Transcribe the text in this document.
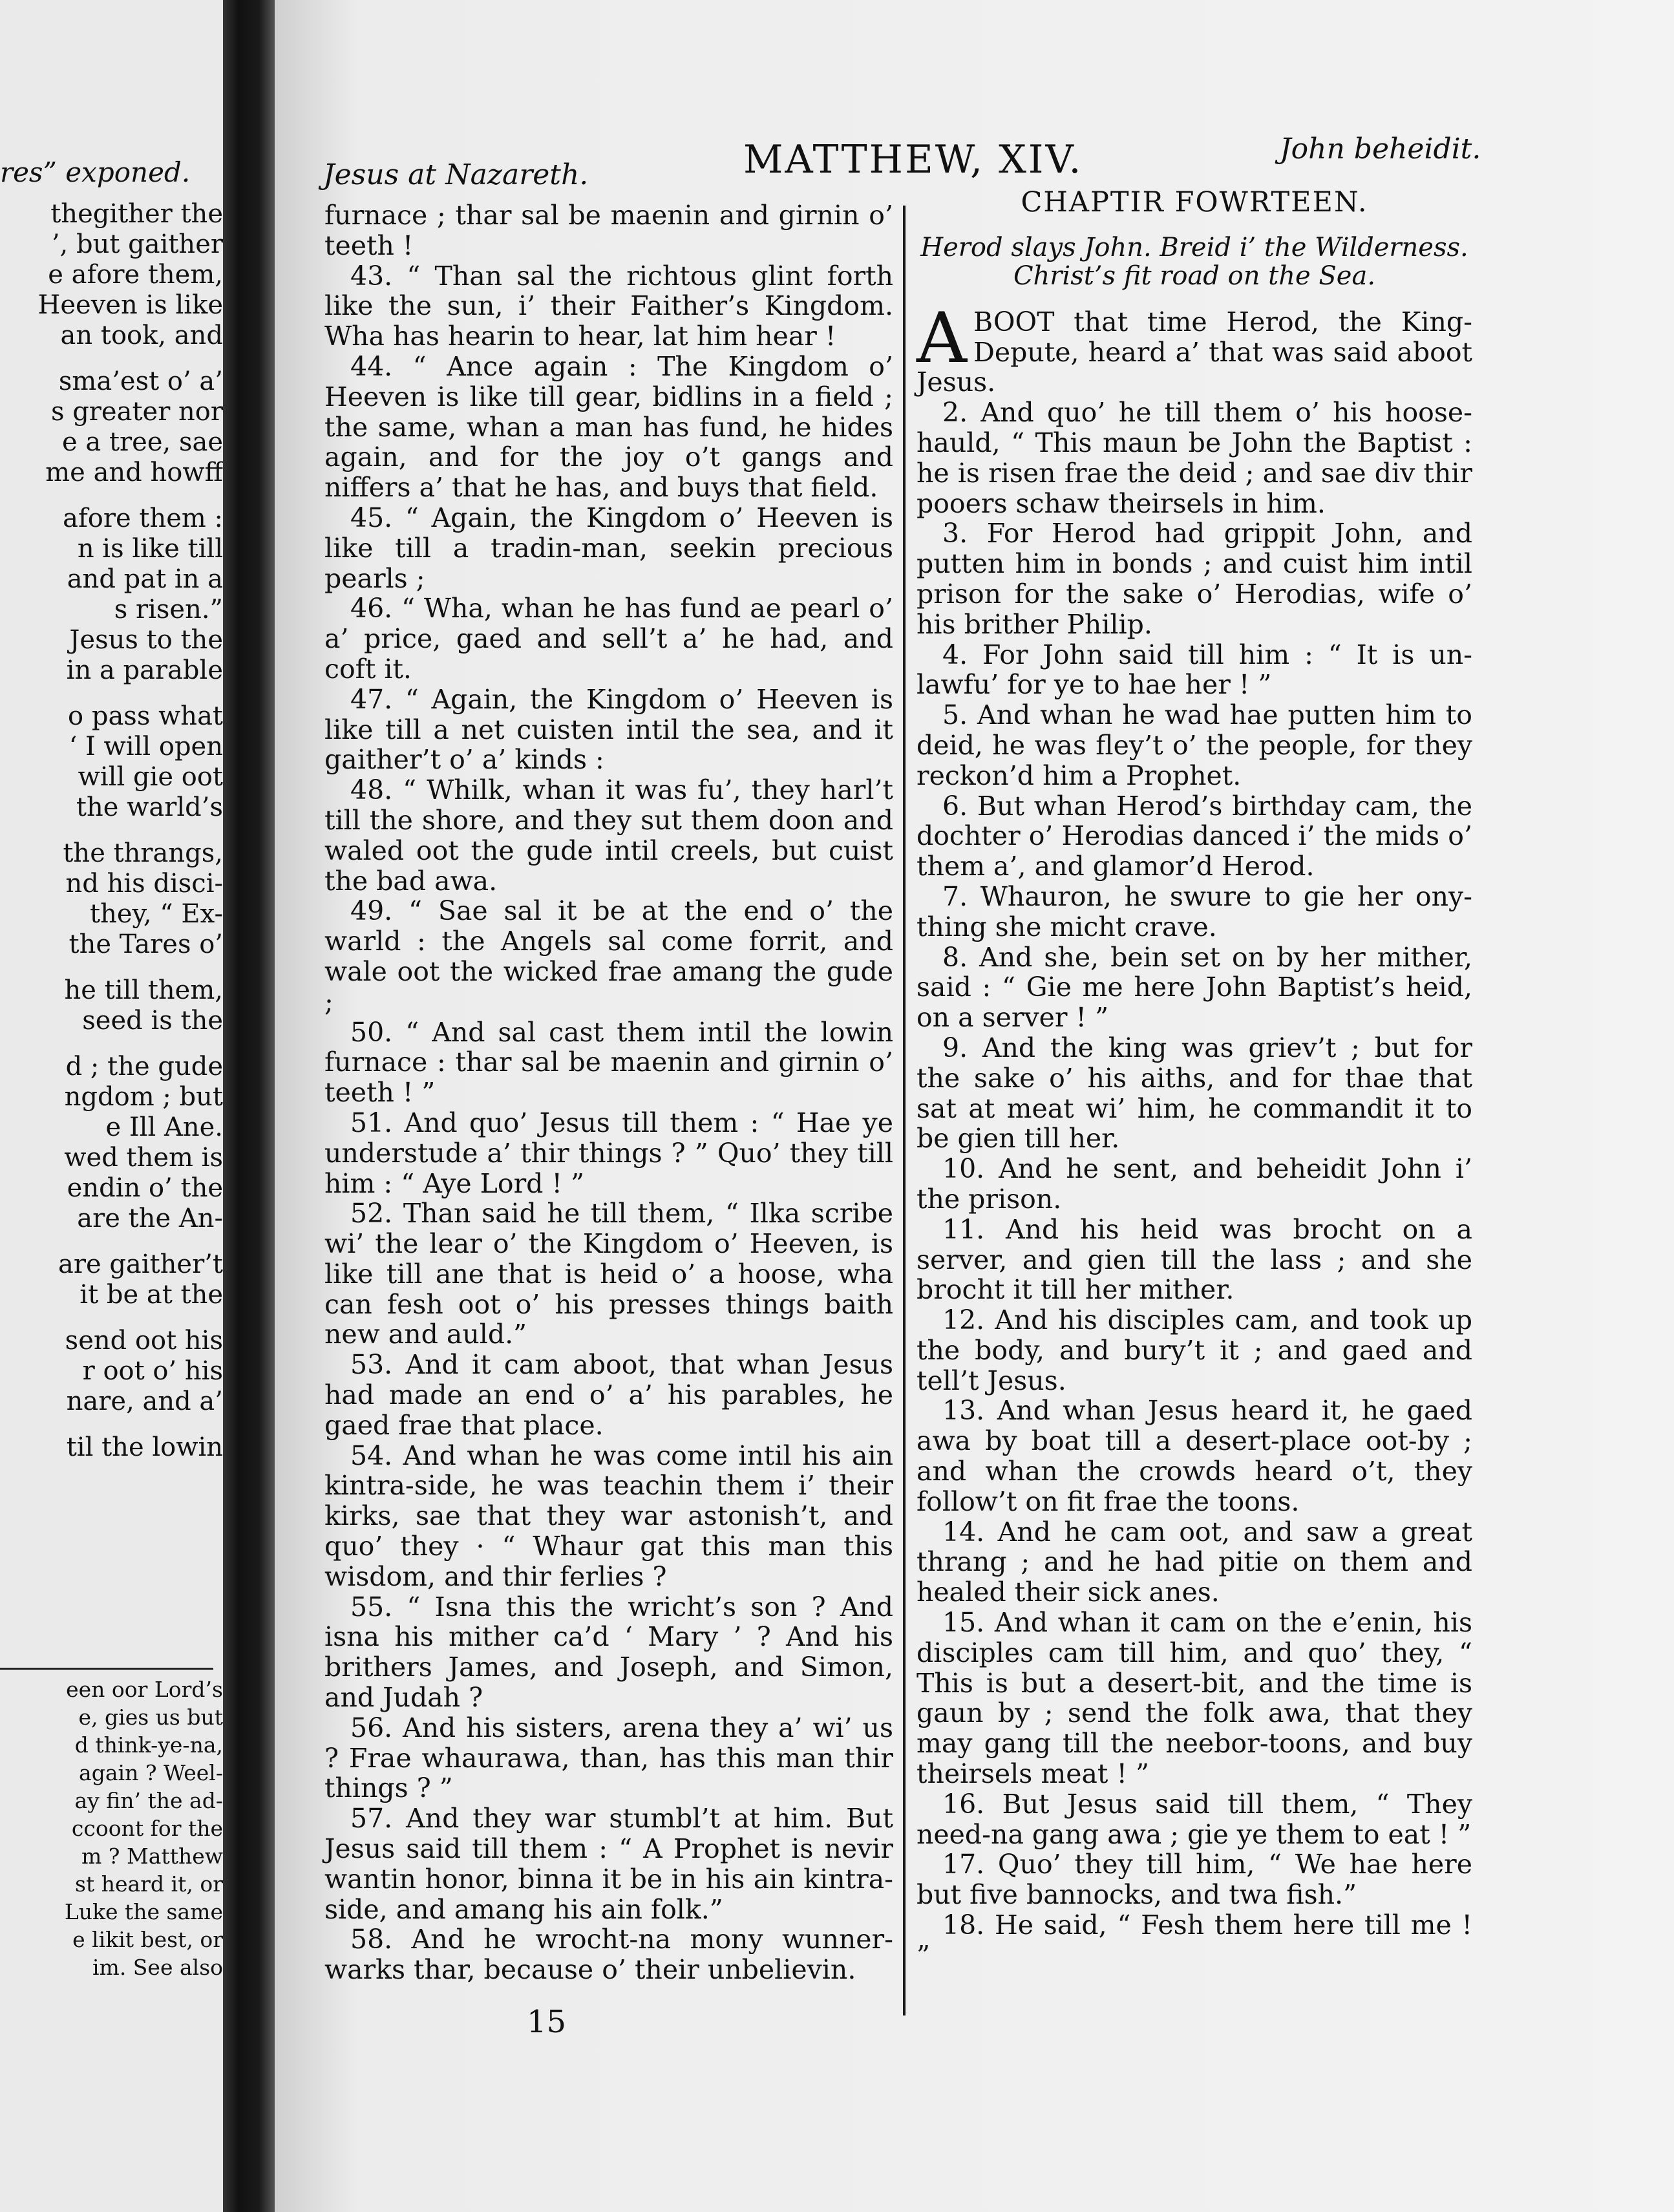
res” exponed.
thegither the
’, but gaither
e afore them,
Heeven is like
an took, and
sma’est o’ a’
s greater nor
e a tree, sae
me and howff
afore them :
n is like till
and pat in a
s risen.”
Jesus to the
in a parable
o pass what
‘ I will open
will gie oot
the warld’s
the thrangs,
nd his disci-
they, “ Ex-
the Tares o’
he till them,
seed is the
d ; the gude
ngdom ; but
e Ill Ane.
wed them is
endin o’ the
are the An-
are gaither’t
it be at the
send oot his
r oot o’ his
nare, and a’
til the lowin
een oor Lord’s
e, gies us but
d think-ye-na,
again ? Weel-
ay fin’ the ad-
ccoont for the
m ? Matthew
st heard it, or
Luke the same
e likit best, or
im. See also
Jesus at Nazareth.	MATTHEW, XIV.	John beheidit.

furnace ; thar sal be maenin and girnin o’ teeth !

43. “ Than sal the richtous glint forth like the sun, i’ their Faither’s Kingdom. Wha has hearin to hear, lat him hear !

44. “ Ance again : The Kingdom o’ Heeven is like till gear, bidlins in a field ; the same, whan a man has fund, he hides again, and for the joy o’t gangs and niffers a’ that he has, and buys that field.

45. “ Again, the Kingdom o’ Heeven is like till a tradin-man, seekin precious pearls ;

46. “ Wha, whan he has fund ae pearl o’ a’ price, gaed and sell’t a’ he had, and coft it.

47. “ Again, the Kingdom o’ Heeven is like till a net cuisten intil the sea, and it gaither’t o’ a’ kinds :

48. “ Whilk, whan it was fu’, they harl’t till the shore, and they sut them doon and waled oot the gude intil creels, but cuist the bad awa.

49. “ Sae sal it be at the end o’ the warld : the Angels sal come forrit, and wale oot the wicked frae amang the gude ;

50. “ And sal cast them intil the lowin furnace : thar sal be maenin and girnin o’ teeth ! ”

51. And quo’ Jesus till them : “ Hae ye understude a’ thir things ? ” Quo’ they till him : “ Aye Lord ! ”

52. Than said he till them, “ Ilka scribe wi’ the lear o’ the Kingdom o’ Heeven, is like till ane that is heid o’ a hoose, wha can fesh oot o’ his presses things baith new and auld.”

53. And it cam aboot, that whan Jesus had made an end o’ a’ his parables, he gaed frae that place.

54. And whan he was come intil his ain kintra-side, he was teachin them i’ their kirks, sae that they war astonish’t, and quo’ they · “ Whaur gat this man this wisdom, and thir ferlies ?

55. “ Isna this the wricht’s son ? And isna his mither ca’d ‘ Mary ’ ? And his brithers James, and Joseph, and Simon, and Judah ?

56. And his sisters, arena they a’ wi’ us ? Frae whaurawa, than, has this man thir things ? ”

57. And they war stumbl’t at him. But Jesus said till them : “ A Prophet is nevir wantin honor, binna it be in his ain kintra-side, and amang his ain folk.”

58. And he wrocht-na mony wunner-warks thar, because o’ their unbelievin.

CHAPTIR FOWRTEEN.
Herod slays John. Breid i’ the Wilderness.
Christ’s fit road on the Sea.

ABOOT that time Herod, the King-Depute, heard a’ that was said aboot Jesus.

2. And quo’ he till them o’ his hoose-hauld, “ This maun be John the Baptist : he is risen frae the deid ; and sae div thir pooers schaw theirsels in him.

3. For Herod had grippit John, and putten him in bonds ; and cuist him intil prison for the sake o’ Herodias, wife o’ his brither Philip.

4. For John said till him : “ It is un-lawfu’ for ye to hae her ! ”

5. And whan he wad hae putten him to deid, he was fley’t o’ the people, for they reckon’d him a Prophet.

6. But whan Herod’s birthday cam, the dochter o’ Herodias danced i’ the mids o’ them a’, and glamor’d Herod.

7. Whauron, he swure to gie her ony-thing she micht crave.

8. And she, bein set on by her mither, said : “ Gie me here John Baptist’s heid, on a server ! ”

9. And the king was griev’t ; but for the sake o’ his aiths, and for thae that sat at meat wi’ him, he commandit it to be gien till her.

10. And he sent, and beheidit John i’ the prison.

11. And his heid was brocht on a server, and gien till the lass ; and she brocht it till her mither.

12. And his disciples cam, and took up the body, and bury’t it ; and gaed and tell’t Jesus.

13. And whan Jesus heard it, he gaed awa by boat till a desert-place oot-by ; and whan the crowds heard o’t, they follow’t on fit frae the toons.

14. And he cam oot, and saw a great thrang ; and he had pitie on them and healed their sick anes.

15. And whan it cam on the e’enin, his disciples cam till him, and quo’ they, “ This is but a desert-bit, and the time is gaun by ; send the folk awa, that they may gang till the neebor-toons, and buy theirsels meat ! ”

16. But Jesus said till them, “ They need-na gang awa ; gie ye them to eat ! ”

17. Quo’ they till him, “ We hae here but five bannocks, and twa fish.”

18. He said, “ Fesh them here till me ! ”

15
